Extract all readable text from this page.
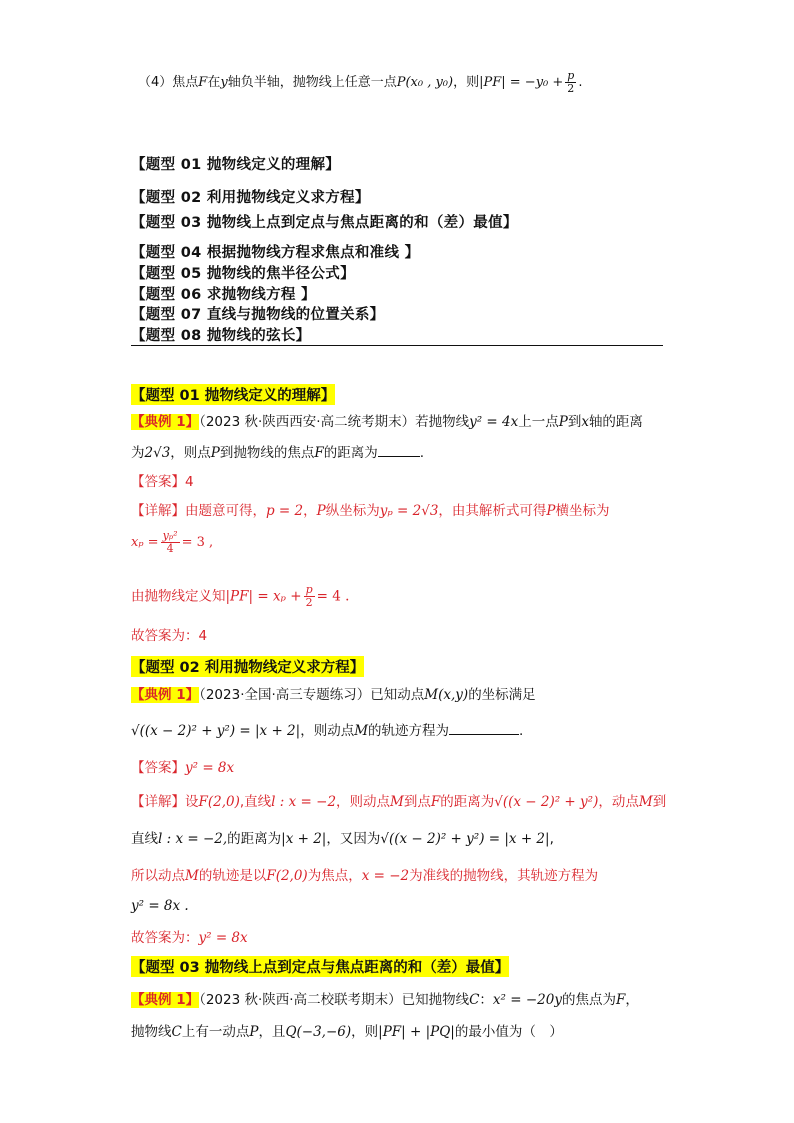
（4）焦点F在y轴负半轴，抛物线上任意一点P(x₀ , y₀)，则$|PF| = -y_0 + \frac{p}{2}$ .
【题型 01 抛物线定义的理解】
【题型 02 利用抛物线定义求方程】
【题型 03 抛物线上点到定点与焦点距离的和（差）最值】
【题型 04 根据抛物线方程求焦点和准线 】
【题型 05 抛物线的焦半径公式】
【题型 06 求抛物线方程 】
【题型 07 直线与抛物线的位置关系】
【题型 08 抛物线的弦长】
【题型 01 抛物线定义的理解】
【典例 1】（2023 秋·陕西西安·高二统考期末）若抛物线y² = 4x上一点P到x轴的距离
为2√3，则点P到抛物线的焦点F的距离为	.
【答案】4
【详解】由题意可得，p = 2，P纵坐标为yₚ = 2√3，由其解析式可得P横坐标为
$x_p = \frac{\text{yₚ²}}{4} = 3$ ,
由抛物线定义知$|PF| = x_p + \frac{p}{2} = 4$ .
故答案为：4
【题型 02 利用抛物线定义求方程】
【典例 1】（2023·全国·高三专题练习）已知动点M(x,y)的坐标满足
√((x − 2)² + y²) = |x + 2|，则动点M的轨迹方程为	.
【答案】y² = 8x
【详解】设F(2,0),直线l : x = −2，则动点M到点F的距离为√((x − 2)² + y²)，动点M到
直线l : x = −2,的距离为|x + 2|，又因为√((x − 2)² + y²) = |x + 2|,
所以动点M的轨迹是以F(2,0)为焦点，x = −2为准线的抛物线，其轨迹方程为
y² = 8x .
故答案为：y² = 8x
【题型 03 抛物线上点到定点与焦点距离的和（差）最值】
【典例 1】（2023 秋·陕西·高二校联考期末）已知抛物线C：x² = −20y的焦点为F，
抛物线C上有一动点P，且Q(−3,−6)，则|PF| + |PQ|的最小值为（　）
